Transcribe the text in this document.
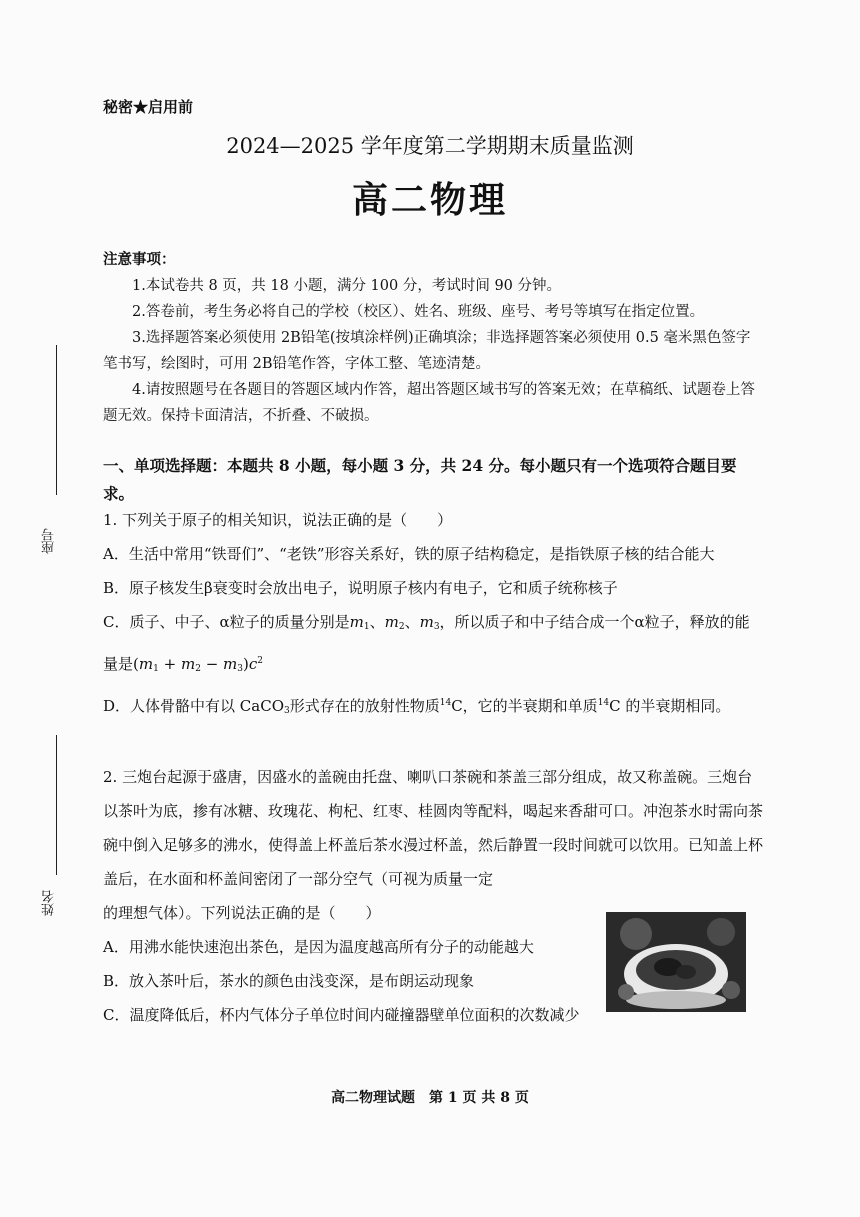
座号
姓名
秘密★启用前
2024—2025 学年度第二学期期末质量监测
高二物理
注意事项：

1.本试卷共 8 页，共 18 小题，满分 100 分，考试时间 90 分钟。

2.答卷前，考生务必将自己的学校（校区）、姓名、班级、座号、考号等填写在指定位置。

3.选择题答案必须使用 2B铅笔(按填涂样例)正确填涂；非选择题答案必须使用 0.5 毫米黑色签字笔书写，绘图时，可用 2B铅笔作答，字体工整、笔迹清楚。

4.请按照题号在各题目的答题区域内作答，超出答题区域书写的答案无效；在草稿纸、试题卷上答题无效。保持卡面清洁，不折叠、不破损。

一、单项选择题：本题共 8 小题，每小题 3 分，共 24 分。每小题只有一个选项符合题目要求。

1. 下列关于原子的相关知识，说法正确的是（　　）

A．生活中常用“铁哥们”、“老铁”形容关系好，铁的原子结构稳定，是指铁原子核的结合能大

B．原子核发生β衰变时会放出电子，说明原子核内有电子，它和质子统称核子

C．质子、中子、α粒子的质量分别是$m_1$、$m_2$、$m_3$，所以质子和中子结合成一个α粒子，释放的能量是$(m_1 + m_2 - m_3)c^2$

D．人体骨骼中有以 CaCO$_3$形式存在的放射性物质$^{14}$C，它的半衰期和单质$^{14}$C 的半衰期相同。

2. 三炮台起源于盛唐，因盛水的盖碗由托盘、喇叭口茶碗和茶盖三部分组成，故又称盖碗。三炮台以茶叶为底，掺有冰糖、玫瑰花、枸杞、红枣、桂圆肉等配料，喝起来香甜可口。冲泡茶水时需向茶碗中倒入足够多的沸水，使得盖上杯盖后茶水漫过杯盖，然后静置一段时间就可以饮用。已知盖上杯盖后，在水面和杯盖间密闭了一部分空气（可视为质量一定

的理想气体）。下列说法正确的是（　　）

A．用沸水能快速泡出茶色，是因为温度越高所有分子的动能越大

B．放入茶叶后，茶水的颜色由浅变深，是布朗运动现象

C．温度降低后，杯内气体分子单位时间内碰撞器壁单位面积的次数减少

高二物理试题　第 1 页 共 8 页
